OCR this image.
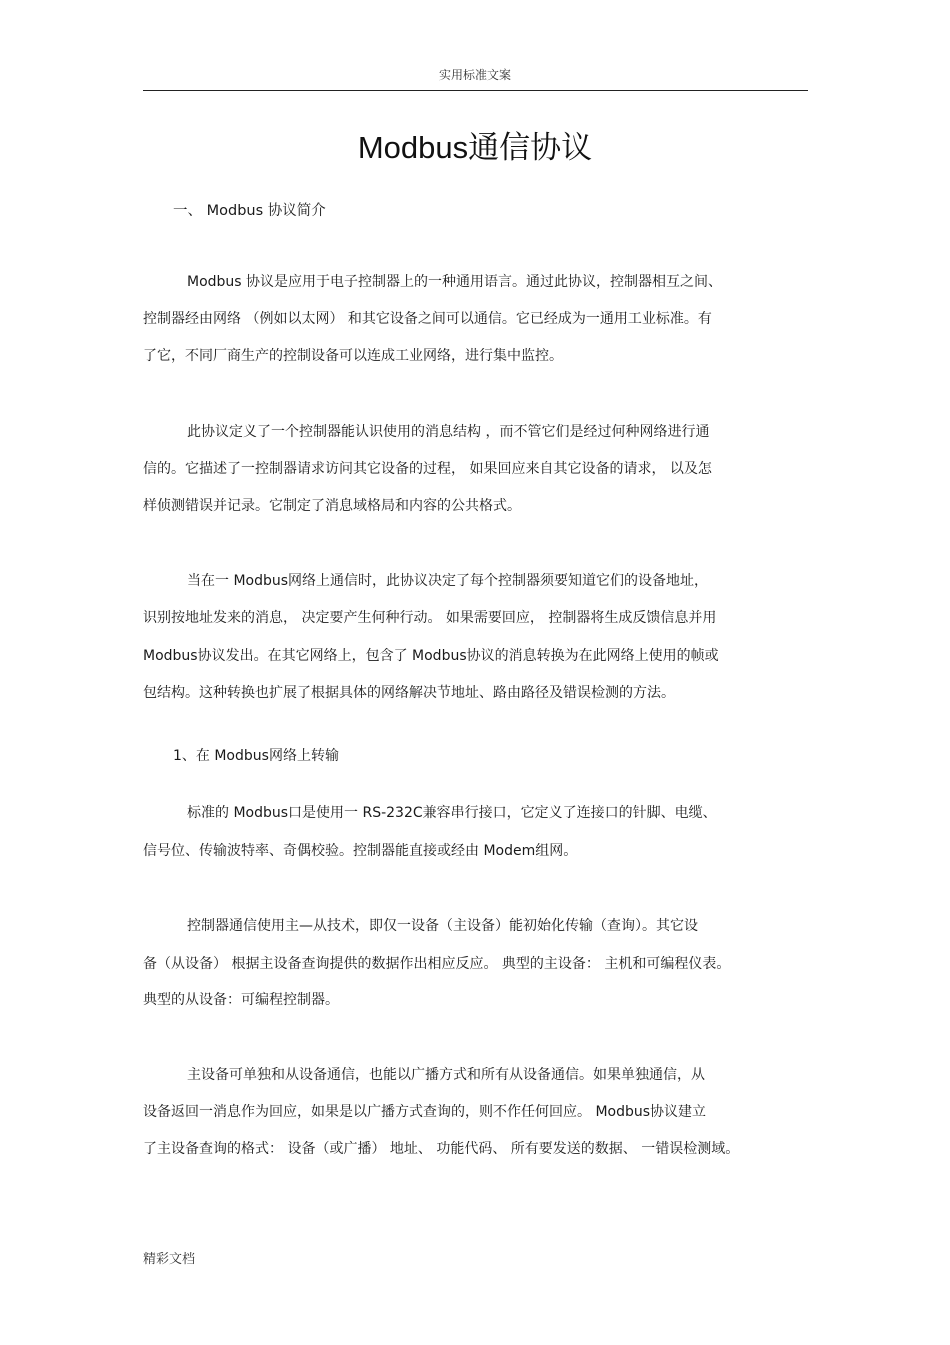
实用标准文案
Modbus通信协议
一、 Modbus 协议简介
Modbus 协议是应用于电子控制器上的一种通用语言。通过此协议，控制器相互之间、
控制器经由网络 （例如以太网） 和其它设备之间可以通信。它已经成为一通用工业标准。有
了它，不同厂商生产的控制设备可以连成工业网络，进行集中监控。
此协议定义了一个控制器能认识使用的消息结构 ，而不管它们是经过何种网络进行通
信的。它描述了一控制器请求访问其它设备的过程， 如果回应来自其它设备的请求， 以及怎
样侦测错误并记录。它制定了消息域格局和内容的公共格式。
当在一 Modbus网络上通信时，此协议决定了每个控制器须要知道它们的设备地址，
识别按地址发来的消息， 决定要产生何种行动。 如果需要回应， 控制器将生成反馈信息并用
Modbus协议发出。在其它网络上，包含了 Modbus协议的消息转换为在此网络上使用的帧或
包结构。这种转换也扩展了根据具体的网络解决节地址、路由路径及错误检测的方法。
1、在 Modbus网络上转输
标准的 Modbus口是使用一 RS-232C兼容串行接口，它定义了连接口的针脚、电缆、
信号位、传输波特率、奇偶校验。控制器能直接或经由 Modem组网。
控制器通信使用主—从技术，即仅一设备（主设备）能初始化传输（查询）。其它设
备（从设备） 根据主设备查询提供的数据作出相应反应。 典型的主设备： 主机和可编程仪表。
典型的从设备：可编程控制器。
主设备可单独和从设备通信，也能以广播方式和所有从设备通信。如果单独通信，从
设备返回一消息作为回应，如果是以广播方式查询的，则不作任何回应。 Modbus协议建立
了主设备查询的格式： 设备（或广播） 地址、 功能代码、 所有要发送的数据、 一错误检测域。
精彩文档
